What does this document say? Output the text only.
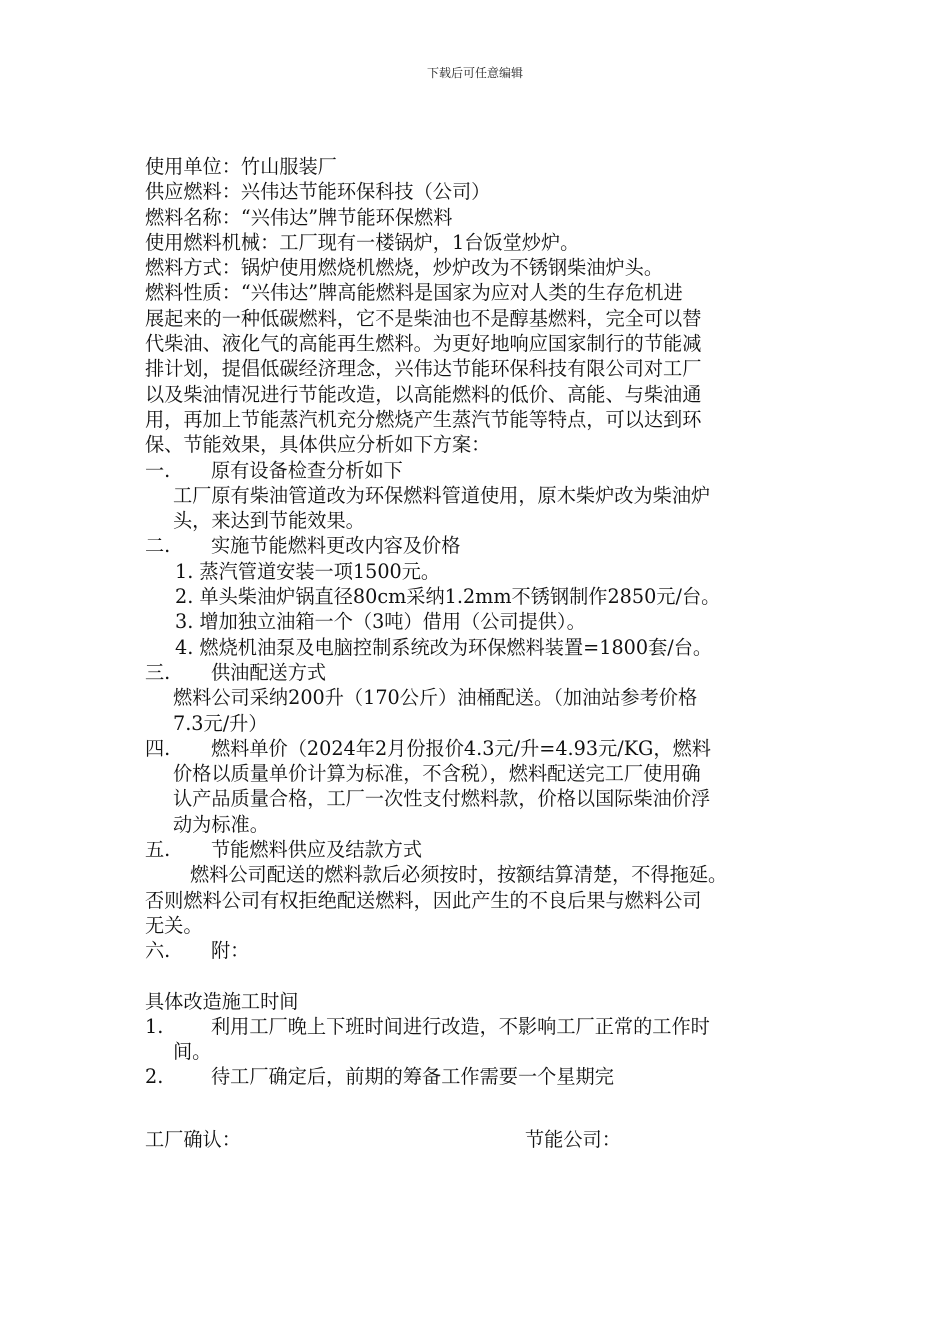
下载后可任意编辑
使用单位：竹山服装厂
供应燃料：兴伟达节能环保科技（公司）
燃料名称：“兴伟达”牌节能环保燃料
使用燃料机械：工厂现有一楼锅炉，1台饭堂炒炉。
燃料方式：锅炉使用燃烧机燃烧，炒炉改为不锈钢柴油炉头。
燃料性质：“兴伟达”牌高能燃料是国家为应对人类的生存危机进
展起来的一种低碳燃料，它不是柴油也不是醇基燃料，完全可以替
代柴油、液化气的高能再生燃料。为更好地响应国家制行的节能减
排计划，提倡低碳经济理念，兴伟达节能环保科技有限公司对工厂
以及柴油情况进行节能改造，以高能燃料的低价、高能、与柴油通
用，再加上节能蒸汽机充分燃烧产生蒸汽节能等特点，可以达到环
保、节能效果，具体供应分析如下方案：
一.	原有设备检查分析如下
工厂原有柴油管道改为环保燃料管道使用，原木柴炉改为柴油炉
头，来达到节能效果。
二.	实施节能燃料更改内容及价格
1. 蒸汽管道安装一项1500元。
2. 单头柴油炉锅直径80cm采纳1.2mm不锈钢制作2850元/台。
3. 增加独立油箱一个（3吨）借用（公司提供）。
4. 燃烧机油泵及电脑控制系统改为环保燃料装置=1800套/台。
三.	供油配送方式
燃料公司采纳200升（170公斤）油桶配送。（加油站参考价格
7.3元/升）
四.	燃料单价（2024年2月份报价4.3元/升=4.93元/KG，燃料
价格以质量单价计算为标准，不含税），燃料配送完工厂使用确
认产品质量合格，工厂一次性支付燃料款，价格以国际柴油价浮
动为标准。
五.	节能燃料供应及结款方式
燃料公司配送的燃料款后必须按时，按额结算清楚，不得拖延。
否则燃料公司有权拒绝配送燃料，因此产生的不良后果与燃料公司
无关。
六.	附：
具体改造施工时间
1.	利用工厂晚上下班时间进行改造，不影响工厂正常的工作时
间。
2.	待工厂确定后，前期的筹备工作需要一个星期完
工厂确认：	节能公司：
